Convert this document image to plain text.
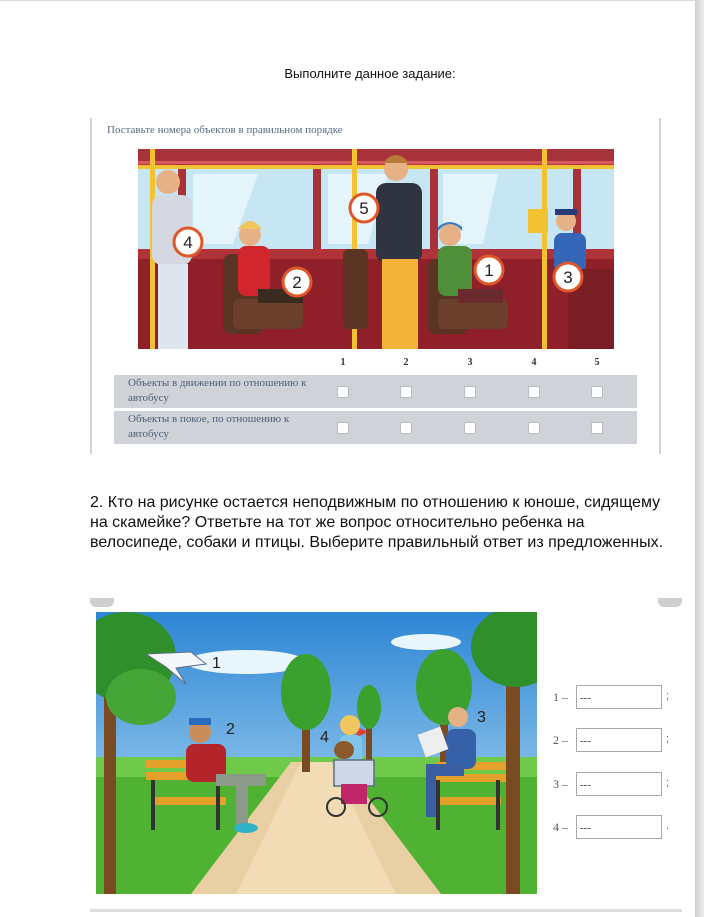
Выполните данное задание:
Поставьте номера объектов в правильном порядке
4
2
5
1	3
1	2	3	4	5
Объекты в движении по отношению к автобусу
Объекты в покое, по отношению к автобусу
2. Кто на рисунке остается неподвижным по отношению к юноше, сидящему на скамейке? Ответьте на тот же вопрос относительно ребенка на велосипеде, собаки и птицы. Выберите правильный ответ из предложенных.
1
2
3
4
1 –	---	;
2 –	---	;
3 –	---	;
4 –	---	.
